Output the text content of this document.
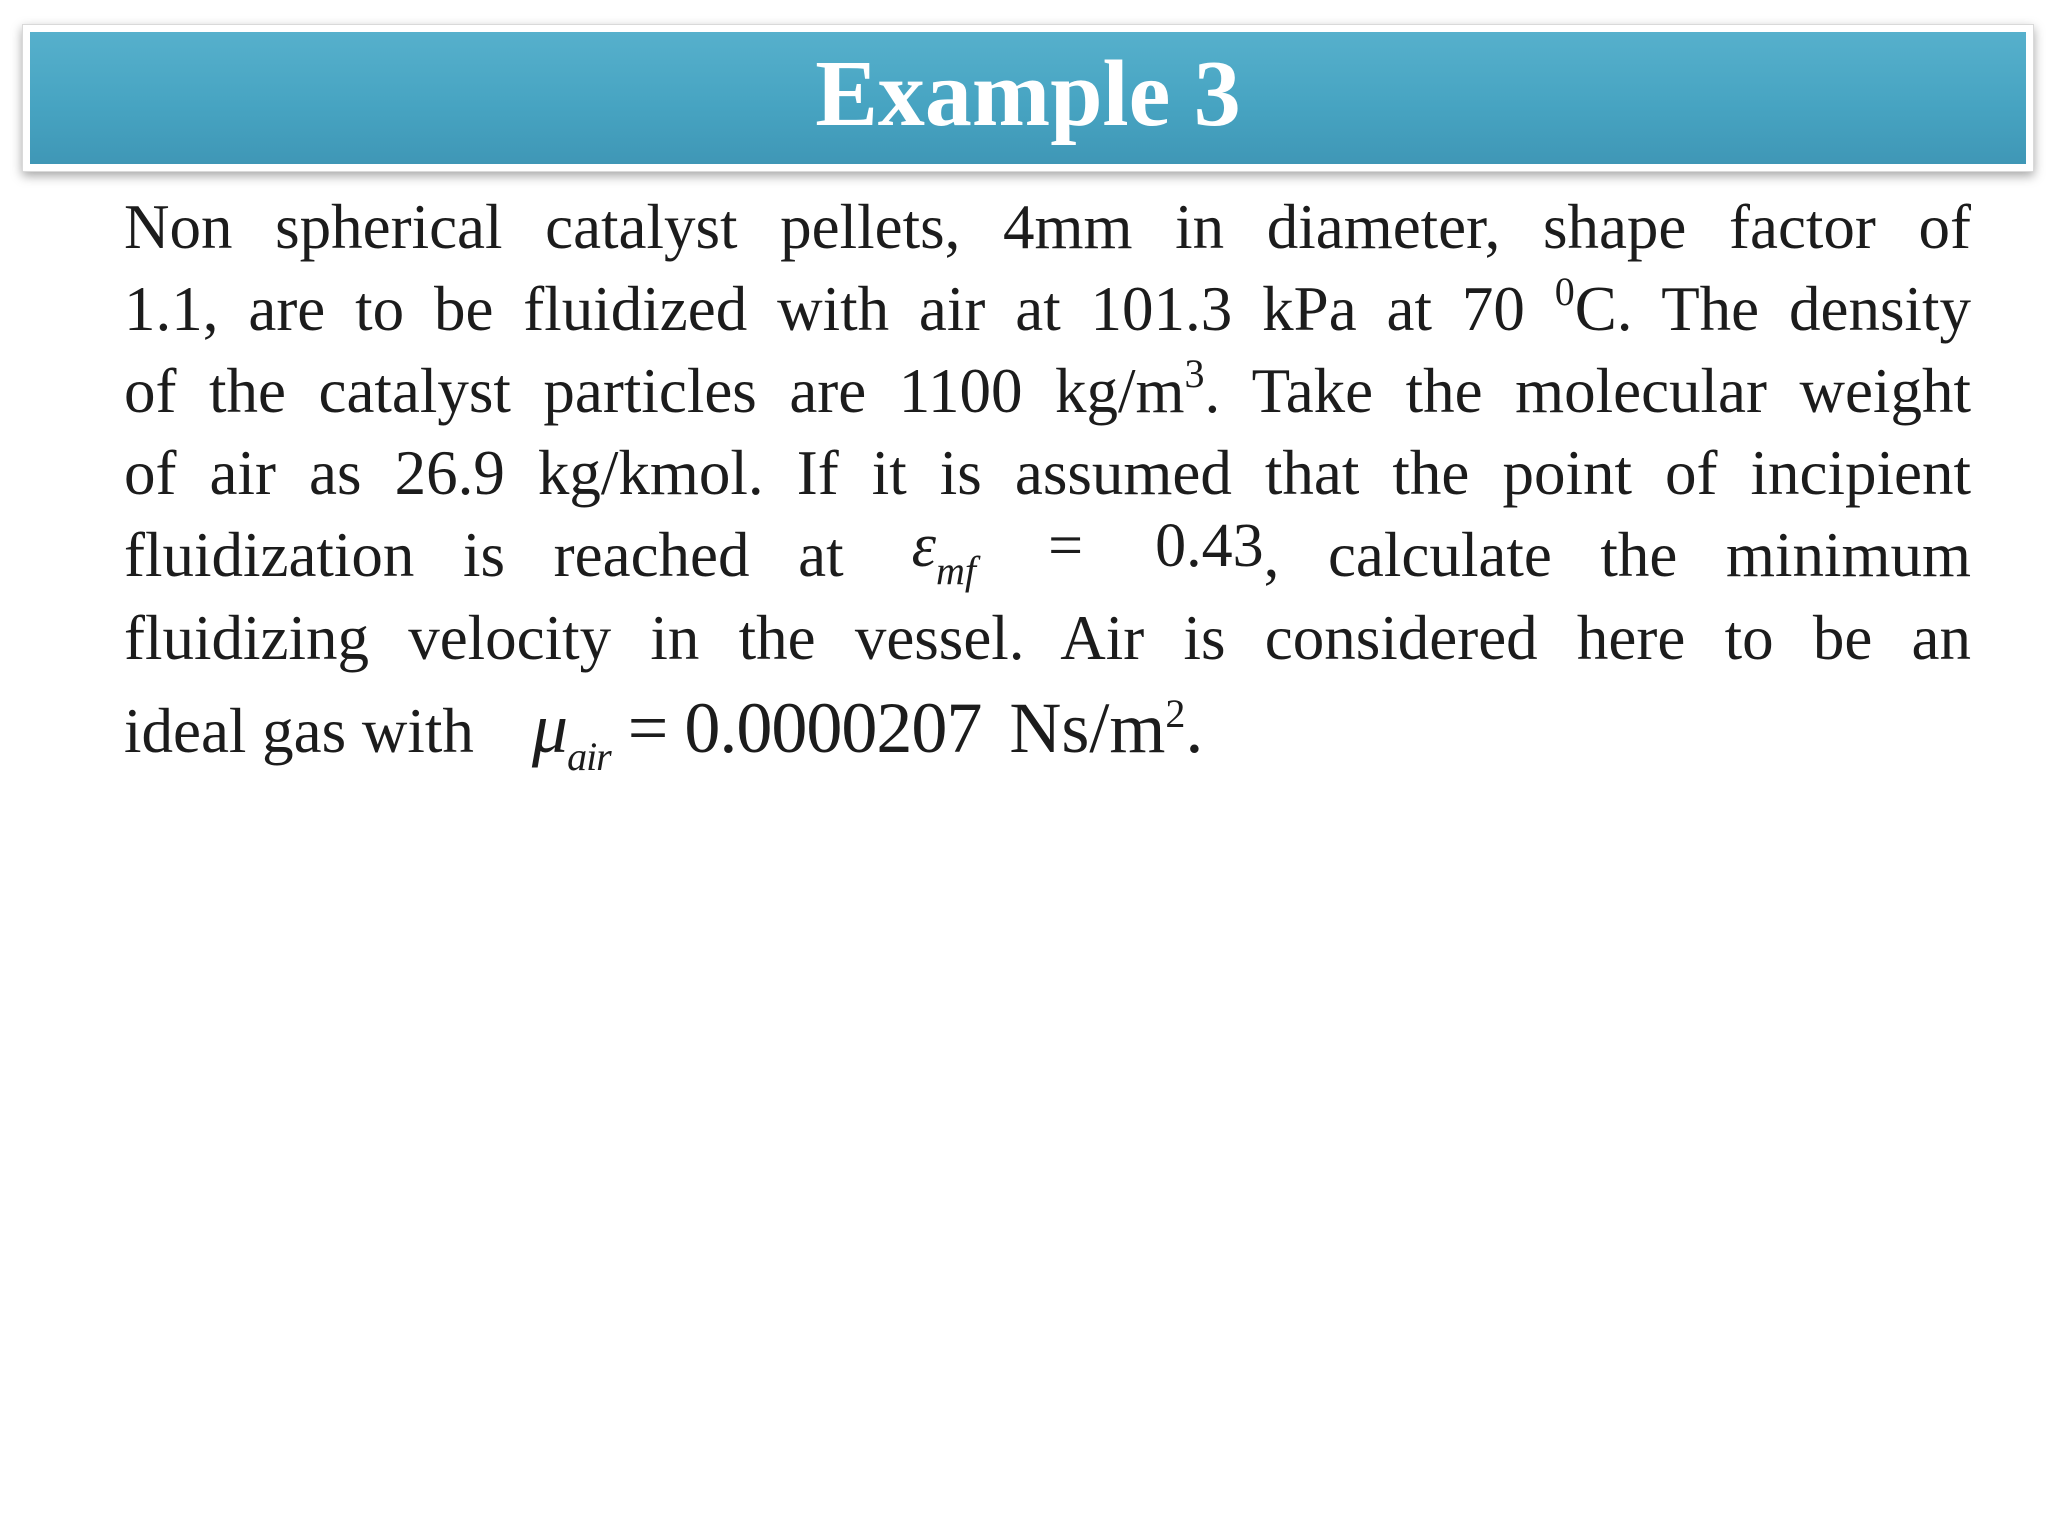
Example 3
Non spherical catalyst pellets, 4mm in diameter, shape factor of
1.1, are to be fluidized with air at 101.3 kPa at 70 $^0$C. The density
of the catalyst particles are 1100 $kg/m^3$. Take the molecular weight
of air as 26.9 kg/kmol. If it is assumed that the point of incipient
fluidization is reached at $\varepsilon_{mf} = 0.43$, calculate the minimum
fluidizing velocity in the vessel. Air is considered here to be an
ideal gas with $\mu_{air} = 0.0000207$ $Ns/m^2$.
